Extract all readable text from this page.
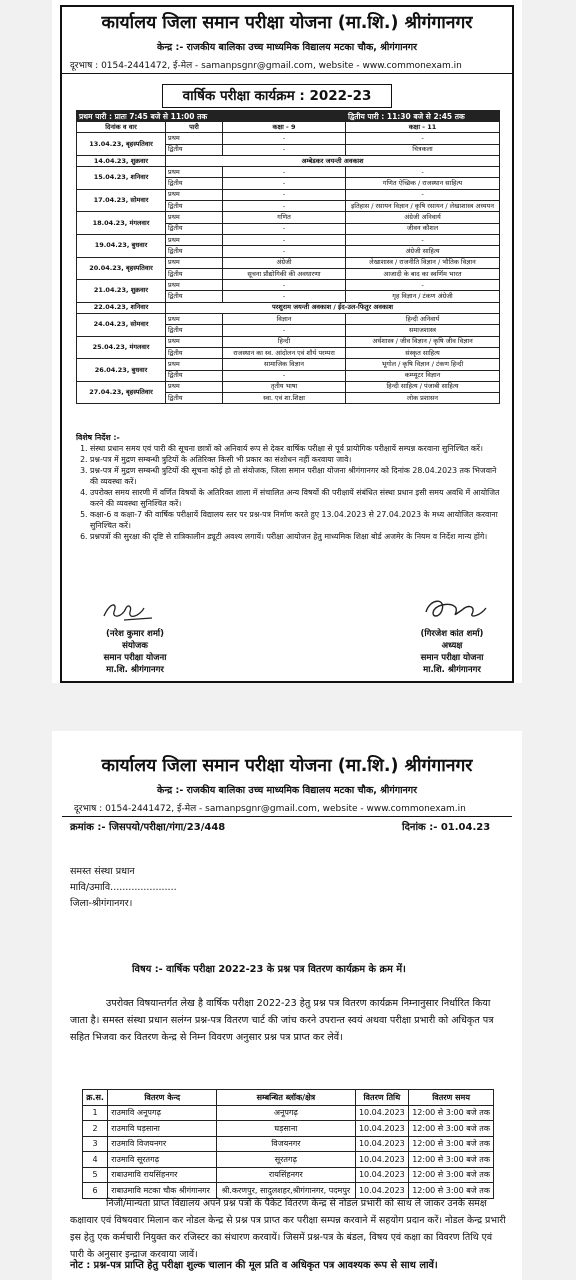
कार्यालय जिला समान परीक्षा योजना (मा.शि.) श्रीगंगानगर
केन्द्र :- राजकीय बालिका उच्च माध्यमिक विद्यालय मटका चौक, श्रीगंगानगर
दूरभाष : 0154-2441472, ई-मेल - samanpsgnr@gmail.com, website - www.commonexam.in
वार्षिक परीक्षा कार्यक्रम : 2022-23
प्रथम पारी : प्रातः 7:45 बजे से 11:00 तक			द्वितीय पारी : 11:30 बजे से 2:45 तक
दिनांक व वार	पारी	कक्षा - 9	कक्षा - 11
13.04.23, बृहस्पतिवार	प्रथम	-	-
	द्वितीय	-	चित्रकला
14.04.23, शुक्रवार	अम्बेडकर जयन्ती अवकाश		
15.04.23, शनिवार	प्रथम	-	-
	द्वितीय	-	गणित ऐच्छिक / राजस्थान साहित्य
17.04.23, सोमवार	प्रथम	-	-
	द्वितीय	-	इतिहास / रसायन विज्ञान / कृषि रसायन / लेखाशास्त्र अध्ययन
18.04.23, मंगलवार	प्रथम	गणित	अंग्रेजी अनिवार्य
	द्वितीय	-	जीवन कौशल
19.04.23, बुधवार	प्रथम	-	-
	द्वितीय	-	अंग्रेजी साहित्य
20.04.23, बृहस्पतिवार	प्रथम	अंग्रेजी	लेखाशास्त्र / राजनीति विज्ञान / भौतिक विज्ञान
	द्वितीय	सूचना प्रौद्योगिकी की अवधारणा	आजादी के बाद का स्वर्णिम भारत
21.04.23, शुक्रवार	प्रथम	-	-
	द्वितीय	-	गृह विज्ञान / टंकण अंग्रेजी
22.04.23, शनिवार	परशुराम जयन्ती अवकाश / ईद-उल-फितुर अवकाश		
24.04.23, सोमवार	प्रथम	विज्ञान	हिन्दी अनिवार्य
	द्वितीय	-	समाजशास्त्र
25.04.23, मंगलवार	प्रथम	हिन्दी	अर्थशास्त्र / जीव विज्ञान / कृषि जीव विज्ञान
	द्वितीय	राजस्थान का स्व. आंदोलन एवं शौर्य परम्परा	संस्कृत साहित्य
26.04.23, बुधवार	प्रथम	सामाजिक विज्ञान	भूगोल / कृषि विज्ञान / टंकण हिन्दी
	द्वितीय	-	कम्प्यूटर विज्ञान
27.04.23, बृहस्पतिवार	प्रथम	तृतीय भाषा	हिन्दी साहित्य / पंजाबी साहित्य
	द्वितीय	स्वा. एवं शा.शिक्षा	लोक प्रशासन
विशेष निर्देश :-
1. संस्था प्रधान समय एवं पारी की सूचना छात्रों को अनिवार्य रूप से देकर वार्षिक परीक्षा से पूर्व प्रायोगिक परीक्षायें सम्पन्न करवाना सुनिश्चित करें।
2. प्रश्न-पत्र में मुद्रण सम्बन्धी त्रुटियों के अतिरिक्त किसी भी प्रकार का संशोधन नहीं करवाया जावे।
3. प्रश्न-पत्र में मुद्रण सम्बन्धी त्रुटियों की सूचना कोई हो तो संयोजक, जिला समान परीक्षा योजना श्रीगंगानगर को दिनांक 28.04.2023 तक भिजवाने की व्यवस्था करें।
4. उपरोक्त समय सारणी में वर्णित विषयों के अतिरिक्त शाला में संचालित अन्य विषयों की परीक्षायें संबंधित संस्था प्रधान इसी समय अवधि में आयोजित करने की व्यवस्था सुनिश्चित करें।
5. कक्षा-6 व कक्षा-7 की वार्षिक परीक्षायें विद्यालय स्तर पर प्रश्न-पत्र निर्माण करते हुए 13.04.2023 से 27.04.2023 के मध्य आयोजित करवाना सुनिश्चित करें।
6. प्रश्नपत्रों की सुरक्षा की दृष्टि से रात्रिकालीन ड्यूटी अवश्य लगायें। परीक्षा आयोजन हेतु माध्यमिक शिक्षा बोर्ड अजमेर के नियम व निर्देश मान्य होंगे।
(नरेश कुमार शर्मा)
संयोजक
समान परीक्षा योजना
मा.शि. श्रीगंगानगर
(गिरजेश कांत शर्मा)
अध्यक्ष
समान परीक्षा योजना
मा.शि. श्रीगंगानगर
कार्यालय जिला समान परीक्षा योजना (मा.शि.) श्रीगंगानगर
केन्द्र :- राजकीय बालिका उच्च माध्यमिक विद्यालय मटका चौक, श्रीगंगानगर
दूरभाष : 0154-2441472, ई-मेल - samanpsgnr@gmail.com, website - www.commonexam.in
क्रमांक :- जिसपयो/परीक्षा/गंगा/23/448	दिनांक :- 01.04.23
समस्त संस्था प्रधान
मावि/उमावि......................
जिला-श्रीगंगानगर।
विषय :- वार्षिक परीक्षा 2022-23 के प्रश्न पत्र वितरण कार्यक्रम के क्रम में।
उपरोक्त विषयान्तर्गत लेख है वार्षिक परीक्षा 2022-23 हेतु प्रश्न पत्र वितरण कार्यक्रम निम्नानुसार निर्धारित किया जाता है। समस्त संस्था प्रधान सलंग्न प्रश्न-पत्र वितरण चार्ट की जांच करने उपरान्त स्वयं अथवा परीक्षा प्रभारी को अधिकृत पत्र सहित भिजवा कर वितरण केन्द्र से निम्न विवरण अनुसार प्रश्न पत्र प्राप्त कर लेवें।
क्र.स.	वितरण केन्द	सम्बन्धित ब्लॉक/क्षेत्र	वितरण तिथि	वितरण समय
1	राउमावि अनूपगढ़	अनूपगढ़	10.04.2023	12:00 से 3:00 बजे तक
2	राउमावि घड़साना	घड़साना	10.04.2023	12:00 से 3:00 बजे तक
3	राउमावि विजयनगर	विजयनगर	10.04.2023	12:00 से 3:00 बजे तक
4	राउमावि सूरतगढ़	सूरतगढ़	10.04.2023	12:00 से 3:00 बजे तक
5	राबाउमावि रायसिंहनगर	रायसिंहनगर	10.04.2023	12:00 से 3:00 बजे तक
6	राबाउमावि मटका चौक श्रीगंगानगर	श्री.करणपुर, सादुलशहर,श्रीगंगानगर, पदमपुर	10.04.2023	12:00 से 3:00 बजे तक
निजी/मान्यता प्राप्त विद्यालय अपने प्रश्न पत्रों के पैकेट वितरण केन्द्र से नोडल प्रभारी को साथ ले जाकर उनके समक्ष कक्षावार एवं विषयवार मिलान कर नोडल केन्द्र से प्रश्न पत्र प्राप्त कर परीक्षा सम्पन्न करवाने में सहयोग प्रदान करें। नोडल केन्द्र प्रभारी इस हेतु एक कर्मचारी नियुक्त कर रजिस्टर का संधारण करवायें। जिसमें प्रश्न-पत्र के बंडल, विषय एवं कक्षा का विवरण तिथि एवं पारी के अनुसार इन्द्राज करवाया जावें।
नोट : प्रश्न-पत्र प्राप्ति हेतु परीक्षा शुल्क चालान की मूल प्रति व अधिकृत पत्र आवश्यक रूप से साथ लावें।
